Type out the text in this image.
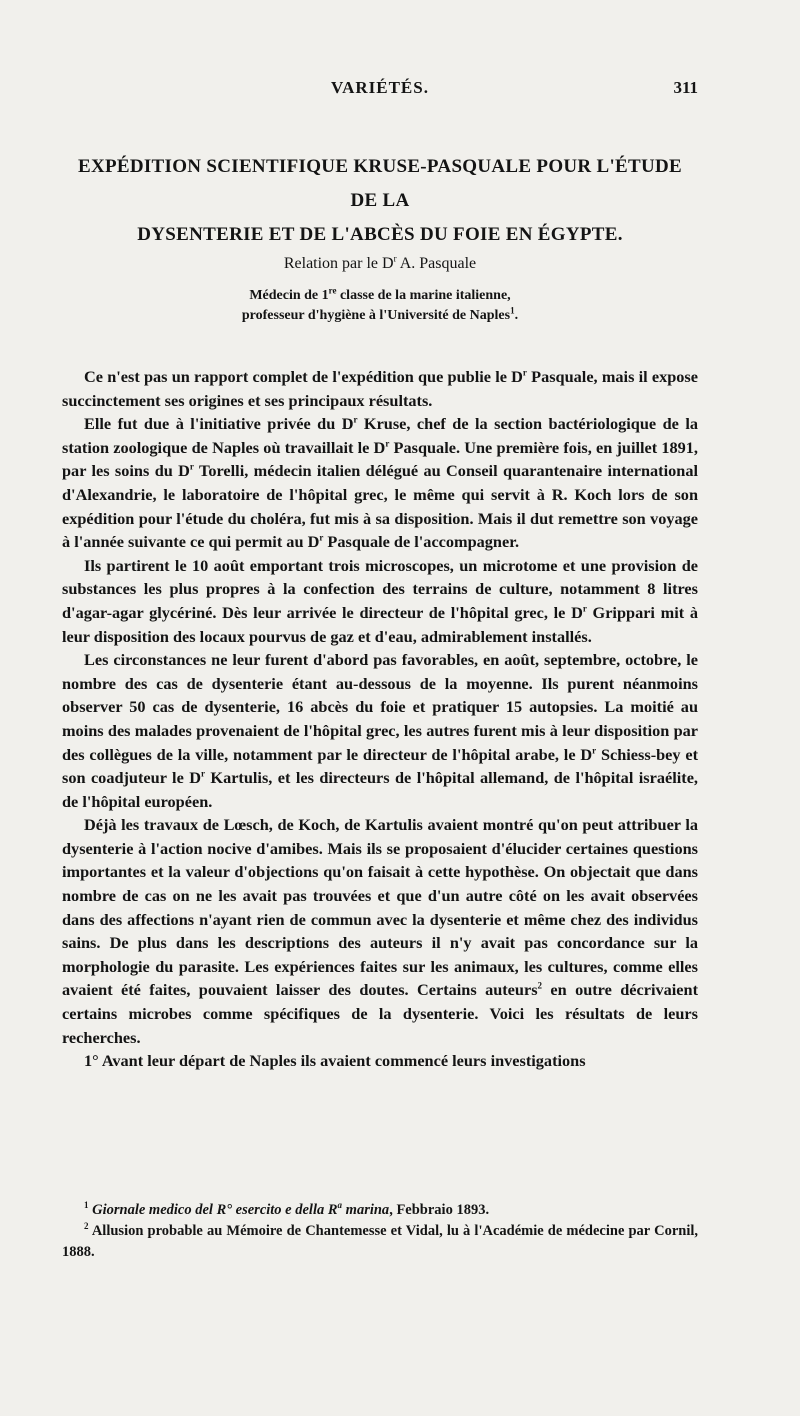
VARIÉTÉS.	311
EXPÉDITION SCIENTIFIQUE KRUSE-PASQUALE POUR L'ÉTUDE DE LA
DYSENTERIE ET DE L'ABCÈS DU FOIE EN ÉGYPTE.
Relation par le $D^r$ A. Pasquale
Médecin de 1re classe de la marine italienne,
professeur d'hygiène à l'Université de Naples$^1$.

Ce n'est pas un rapport complet de l'expédition que publie le $D^r$ Pasquale, mais il expose succinctement ses origines et ses principaux résultats.

Elle fut due à l'initiative privée du $D^r$ Kruse, chef de la section bactériologique de la station zoologique de Naples où travaillait le $D^r$ Pasquale. Une première fois, en juillet 1891, par les soins du $D^r$ Torelli, médecin italien délégué au Conseil quarantenaire international d'Alexandrie, le laboratoire de l'hôpital grec, le même qui servit à R. Koch lors de son expédition pour l'étude du choléra, fut mis à sa disposition. Mais il dut remettre son voyage à l'année suivante ce qui permit au $D^r$ Pasquale de l'accompagner.

Ils partirent le 10 août emportant trois microscopes, un microtome et une provision de substances les plus propres à la confection des terrains de culture, notamment 8 litres d'agar-agar glycériné. Dès leur arrivée le directeur de l'hôpital grec, le $D^r$ Grippari mit à leur disposition des locaux pourvus de gaz et d'eau, admirablement installés.

Les circonstances ne leur furent d'abord pas favorables, en août, septembre, octobre, le nombre des cas de dysenterie étant au-dessous de la moyenne. Ils purent néanmoins observer 50 cas de dysenterie, 16 abcès du foie et pratiquer 15 autopsies. La moitié au moins des malades provenaient de l'hôpital grec, les autres furent mis à leur disposition par des collègues de la ville, notamment par le directeur de l'hôpital arabe, le $D^r$ Schiess-bey et son coadjuteur le $D^r$ Kartulis, et les directeurs de l'hôpital allemand, de l'hôpital israélite, de l'hôpital européen.

Déjà les travaux de Lœsch, de Koch, de Kartulis avaient montré qu'on peut attribuer la dysenterie à l'action nocive d'amibes. Mais ils se proposaient d'élucider certaines questions importantes et la valeur d'objections qu'on faisait à cette hypothèse. On objectait que dans nombre de cas on ne les avait pas trouvées et que d'un autre côté on les avait observées dans des affections n'ayant rien de commun avec la dysenterie et même chez des individus sains. De plus dans les descriptions des auteurs il n'y avait pas concordance sur la morphologie du parasite. Les expériences faites sur les animaux, les cultures, comme elles avaient été faites, pouvaient laisser des doutes. Certains auteurs$^2$ en outre décrivaient certains microbes comme spécifiques de la dysenterie. Voici les résultats de leurs recherches.

1° Avant leur départ de Naples ils avaient commencé leurs investigations

$^1$ Giornale medico del R° esercito e della $R^a$ marina, Febbraio 1893.

$^2$ Allusion probable au Mémoire de Chantemesse et Vidal, lu à l'Académie de médecine par Cornil, 1888.
